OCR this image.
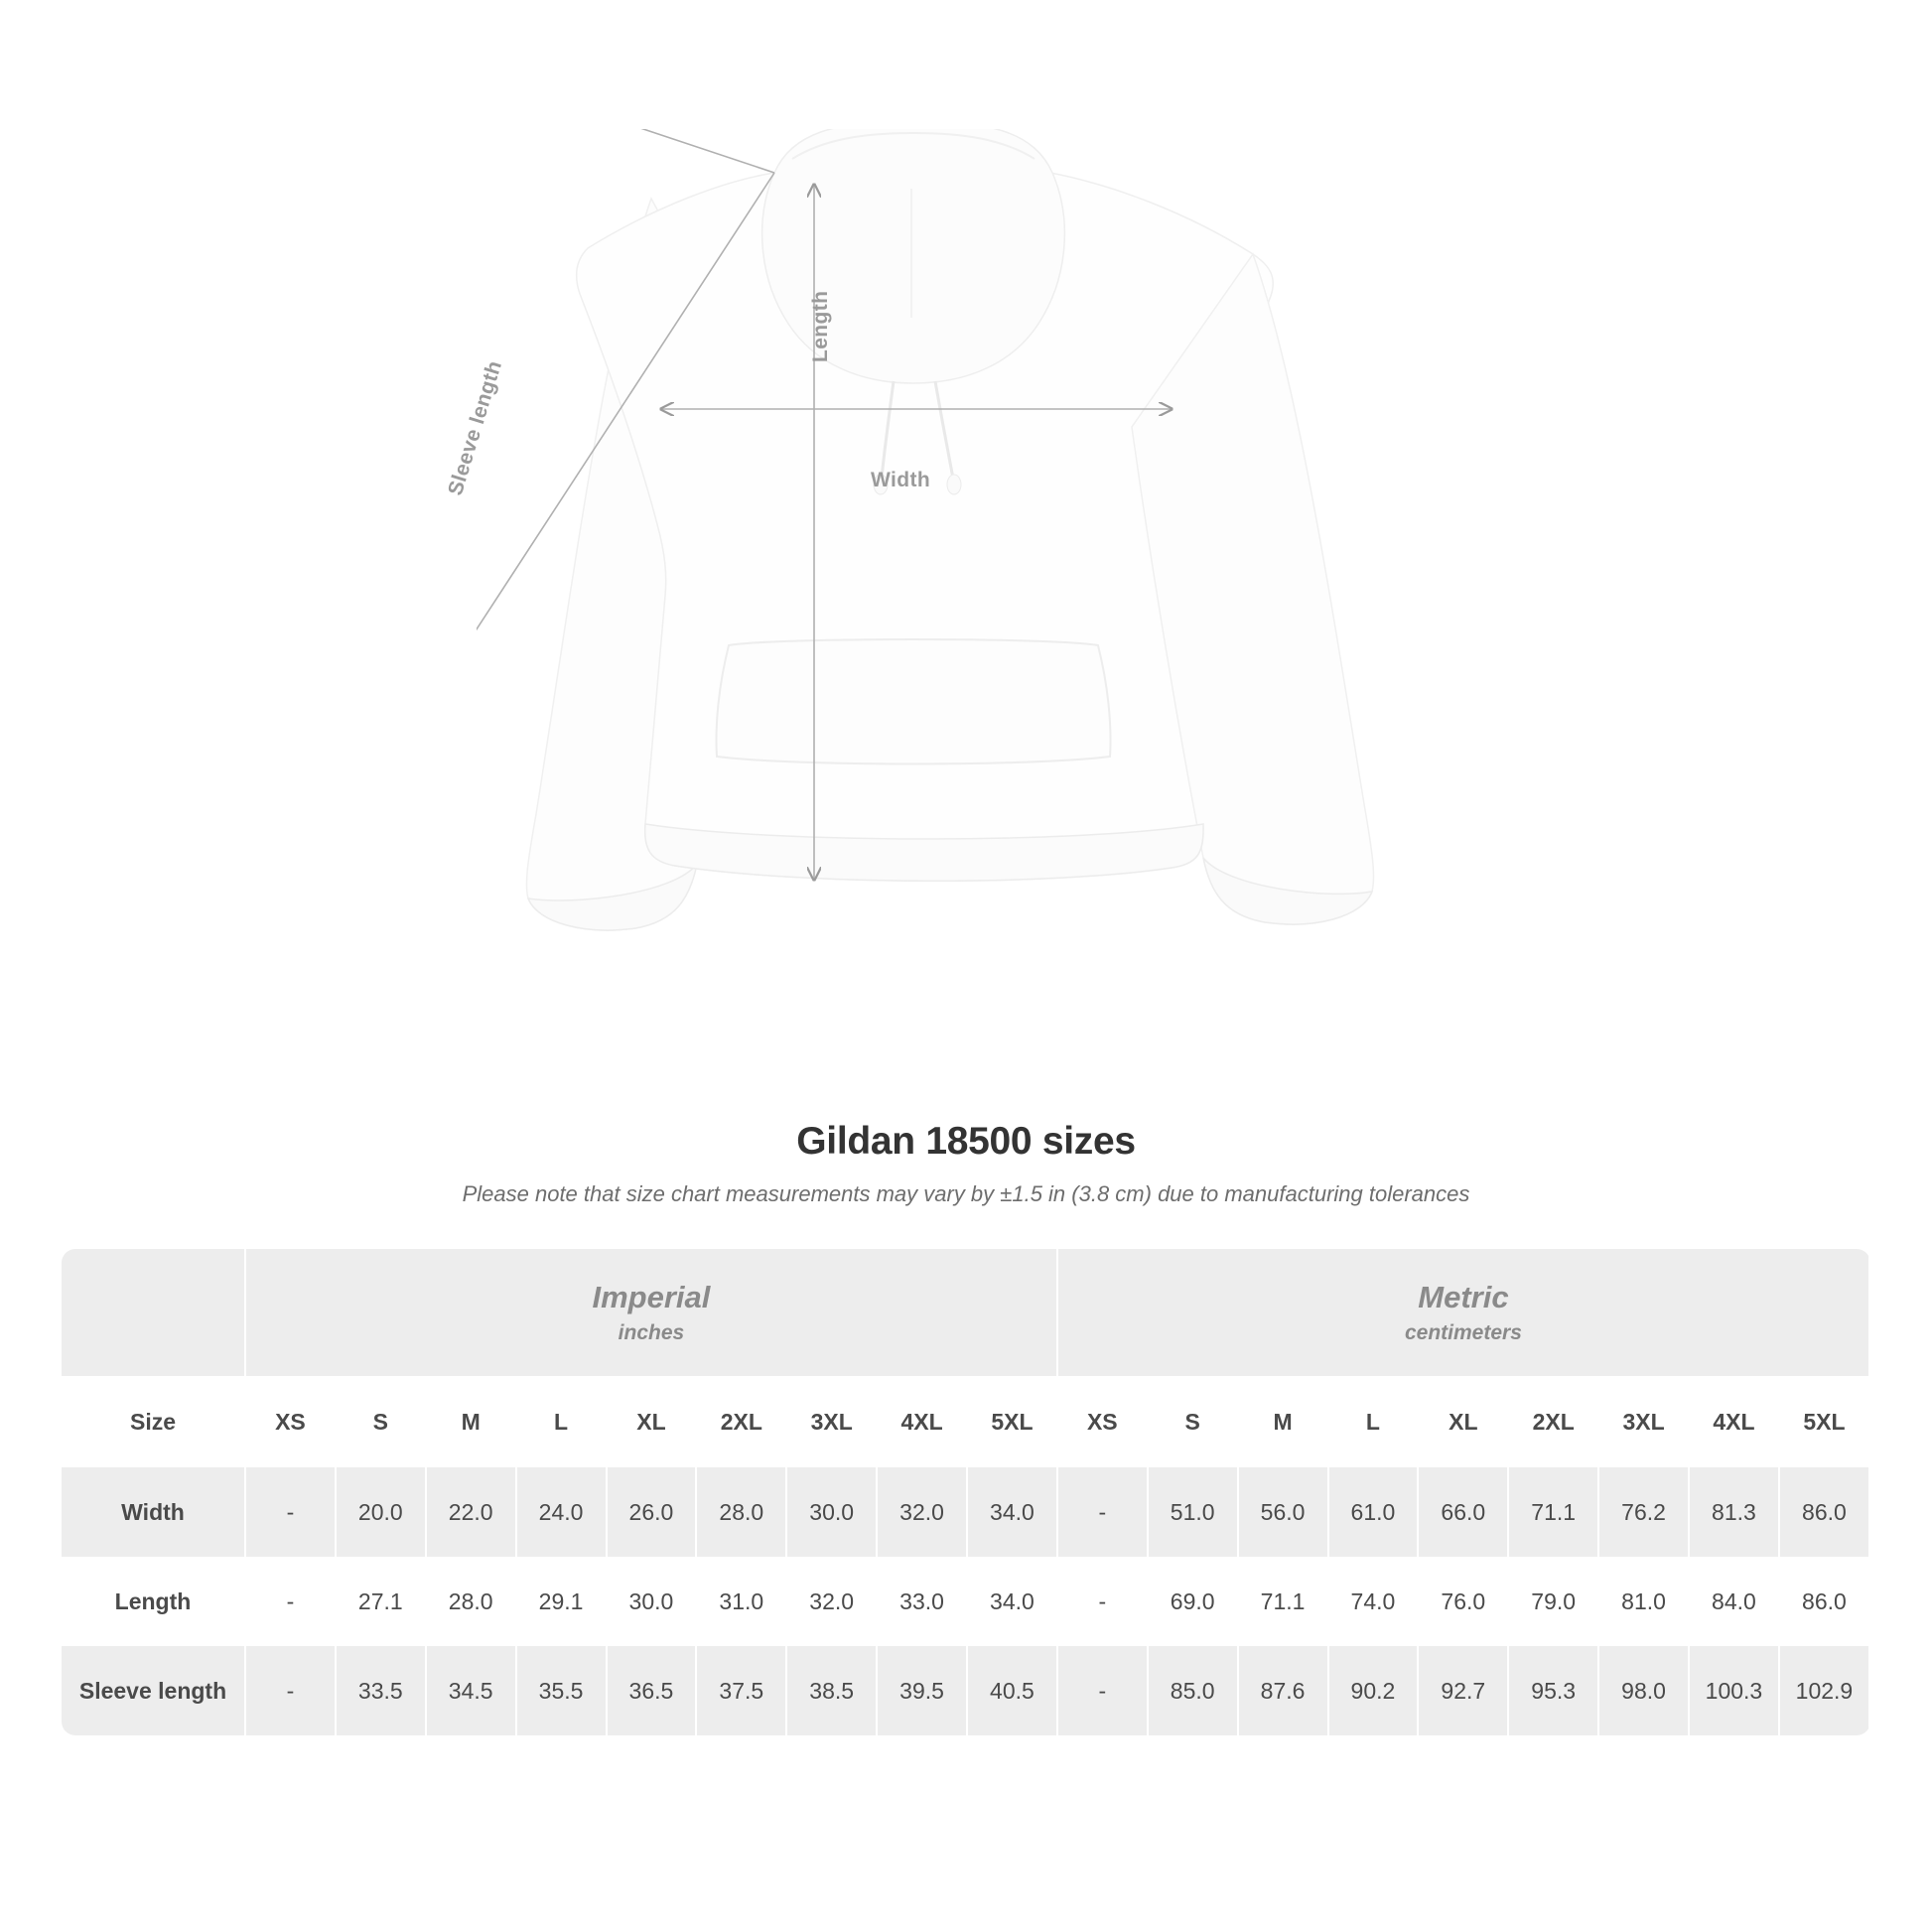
Length
Width
Sleeve length
Gildan 18500 sizes
Please note that size chart measurements may vary by ±1.5 in (3.8 cm) due to manufacturing tolerances

	Imperial
inches									Metric
centimeters								

Size	XS	S	M	L	XL	2XL	3XL	4XL	5XL	XS	S	M	L	XL	2XL	3XL	4XL	5XL
Width	-	20.0	22.0	24.0	26.0	28.0	30.0	32.0	34.0	-	51.0	56.0	61.0	66.0	71.1	76.2	81.3	86.0
Length	-	27.1	28.0	29.1	30.0	31.0	32.0	33.0	34.0	-	69.0	71.1	74.0	76.0	79.0	81.0	84.0	86.0
Sleeve length	-	33.5	34.5	35.5	36.5	37.5	38.5	39.5	40.5	-	85.0	87.6	90.2	92.7	95.3	98.0	100.3	102.9
